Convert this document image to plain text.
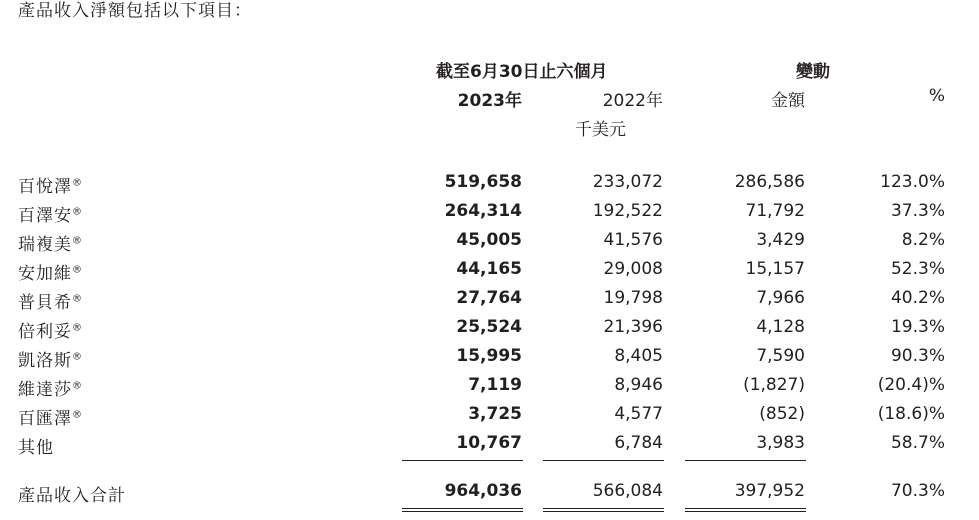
產品收入淨額包括以下項目：
截至6月30日止六個月	變動
2023年	2022年	金額	%
千美元
百悅澤®	519,658	233,072	286,586	123.0%
百澤安®	264,314	192,522	71,792	37.3%
瑞複美®	45,005	41,576	3,429	8.2%
安加維®	44,165	29,008	15,157	52.3%
普貝希®	27,764	19,798	7,966	40.2%
倍利妥®	25,524	21,396	4,128	19.3%
凱洛斯®	15,995	8,405	7,590	90.3%
維達莎®	7,119	8,946	(1,827)	(20.4)%
百匯澤®	3,725	4,577	(852)	(18.6)%
其他	10,767	6,784	3,983	58.7%
產品收入合計	964,036	566,084	397,952	70.3%
